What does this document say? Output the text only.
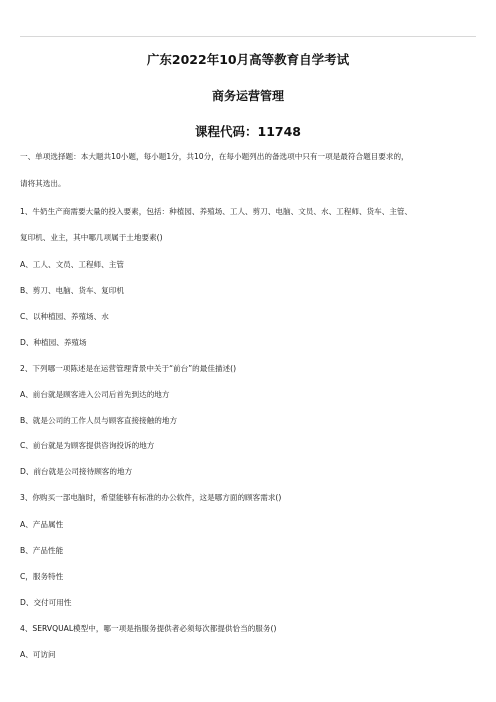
广东2022年10月高等教育自学考试
商务运营管理
课程代码：11748
一、单项选择题：本大题共10小题，每小题1分，共10分，在每小题列出的备选项中只有一项是最符合题目要求的，
请将其选出。
1、牛奶生产商需要大量的投入要素，包括：种植园、养殖场、工人、剪刀、电脑、文员、水、工程师、货车、主管、
复印机、业主，其中哪几项属于土地要素()
A、工人、文员、工程师、主管
B、剪刀、电脑、货车、复印机
C、以种植园、养殖场、水
D、种植园、养殖场
2、下列哪一项陈述是在运营管理背景中关于“前台”的最佳描述()
A、前台就是顾客进入公司后首先到达的地方
B、就是公司的工作人员与顾客直接接触的地方
C、前台就是为顾客提供咨询投诉的地方
D、前台就是公司接待顾客的地方
3、你购买一部电脑时，希望能够有标准的办公软件，这是哪方面的顾客需求()
A、产品属性
B、产品性能
C，服务特性
D、交付可用性
4、SERVQUAL模型中，哪一项是指服务提供者必须每次都提供恰当的服务()
A、可访问
